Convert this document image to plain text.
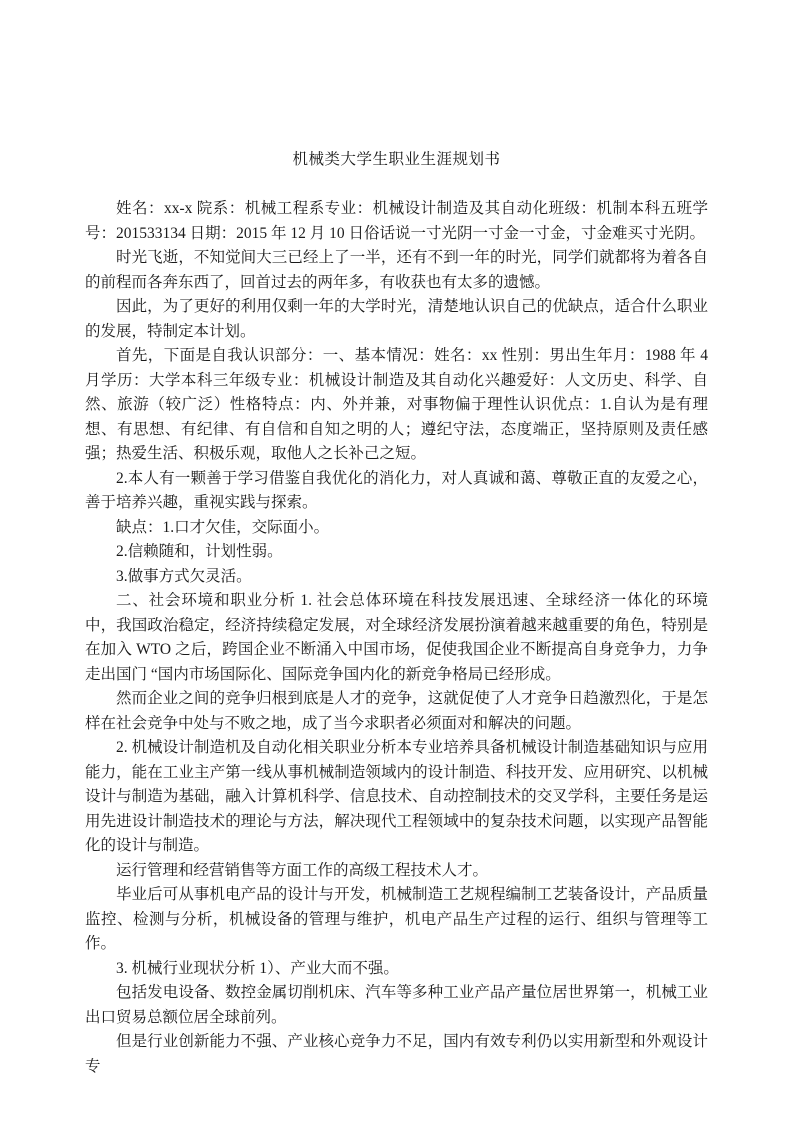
机械类大学生职业生涯规划书

姓名：xx-x 院系：机械工程系专业：机械设计制造及其自动化班级：机制本科五班学号：201533134 日期：2015 年 12 月 10 日俗话说一寸光阴一寸金一寸金，寸金难买寸光阴。

时光飞逝，不知觉间大三已经上了一半，还有不到一年的时光，同学们就都将为着各自的前程而各奔东西了，回首过去的两年多，有收获也有太多的遗憾。

因此，为了更好的利用仅剩一年的大学时光，清楚地认识自己的优缺点，适合什么职业的发展，特制定本计划。

首先，下面是自我认识部分：一、基本情况：姓名：xx 性别：男出生年月：1988 年 4 月学历：大学本科三年级专业：机械设计制造及其自动化兴趣爱好：人文历史、科学、自然、旅游（较广泛）性格特点：内、外并兼，对事物偏于理性认识优点：1.自认为是有理想、有思想、有纪律、有自信和自知之明的人；遵纪守法，态度端正，坚持原则及责任感强；热爱生活、积极乐观，取他人之长补己之短。

2.本人有一颗善于学习借鉴自我优化的消化力，对人真诚和蔼、尊敬正直的友爱之心，善于培养兴趣，重视实践与探索。

缺点：1.口才欠佳，交际面小。

2.信赖随和，计划性弱。

3.做事方式欠灵活。

二、社会环境和职业分析 1. 社会总体环境在科技发展迅速、全球经济一体化的环境中，我国政治稳定，经济持续稳定发展，对全球经济发展扮演着越来越重要的角色，特别是在加入 WTO 之后，跨国企业不断涌入中国市场，促使我国企业不断提高自身竞争力，力争走出国门 “国内市场国际化、国际竞争国内化的新竞争格局已经形成。

然而企业之间的竞争归根到底是人才的竞争，这就促使了人才竞争日趋激烈化，于是怎样在社会竞争中处与不败之地，成了当今求职者必须面对和解决的问题。

2. 机械设计制造机及自动化相关职业分析本专业培养具备机械设计制造基础知识与应用能力，能在工业主产第一线从事机械制造领域内的设计制造、科技开发、应用研究、以机械设计与制造为基础，融入计算机科学、信息技术、自动控制技术的交叉学科，主要任务是运用先进设计制造技术的理论与方法，解决现代工程领域中的复杂技术问题，以实现产品智能化的设计与制造。

运行管理和经营销售等方面工作的高级工程技术人才。

毕业后可从事机电产品的设计与开发，机械制造工艺规程编制工艺装备设计，产品质量监控、检测与分析，机械设备的管理与维护，机电产品生产过程的运行、组织与管理等工作。

3. 机械行业现状分析 1）、产业大而不强。

包括发电设备、数控金属切削机床、汽车等多种工业产品产量位居世界第一，机械工业出口贸易总额位居全球前列。

但是行业创新能力不强、产业核心竞争力不足，国内有效专利仍以实用新型和外观设计专
